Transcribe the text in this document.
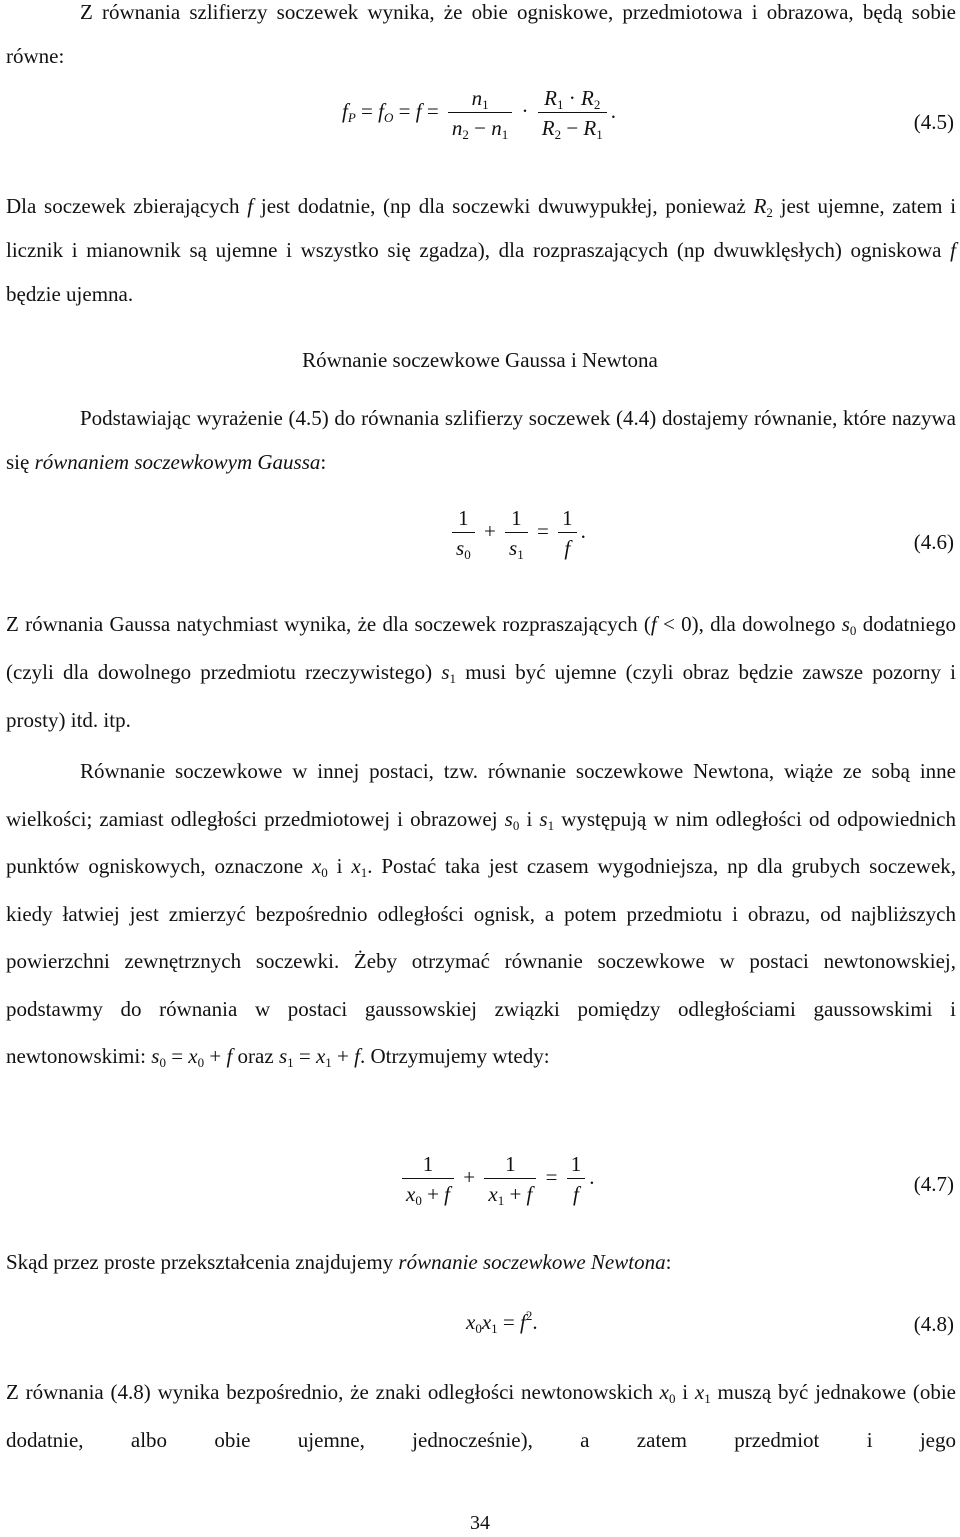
Z równania szlifierzy soczewek wynika, że obie ogniskowe, przedmiotowa i obrazowa, będą sobie równe:

$f_P = f_O = f = \frac{n_1}{n_2 - n_1} \cdot \frac{R_1 \cdot R_2}{R_2 - R_1}$ .	(4.5)

Dla soczewek zbierających f jest dodatnie, (np dla soczewki dwuwypukłej, ponieważ $R_2$ jest ujemne, zatem i licznik i mianownik są ujemne i wszystko się zgadza), dla rozpraszających (np dwuwklęsłych) ogniskowa f będzie ujemna.

Równanie soczewkowe Gaussa i Newtona

Podstawiając wyrażenie (4.5) do równania szlifierzy soczewek (4.4) dostajemy równanie, które nazywa się równaniem soczewkowym Gaussa:

$\frac{1}{s_0} + \frac{1}{s_1} = \frac{1}{f}$ .	(4.6)

Z równania Gaussa natychmiast wynika, że dla soczewek rozpraszających (f < 0), dla dowolnego $s_0$ dodatniego (czyli dla dowolnego przedmiotu rzeczywistego) $s_1$ musi być ujemne (czyli obraz będzie zawsze pozorny i prosty) itd. itp.

Równanie soczewkowe w innej postaci, tzw. równanie soczewkowe Newtona, wiąże ze sobą inne wielkości; zamiast odległości przedmiotowej i obrazowej $s_0$ i $s_1$ występują w nim odległości od odpowiednich punktów ogniskowych, oznaczone $x_0$ i $x_1$. Postać taka jest czasem wygodniejsza, np dla grubych soczewek, kiedy łatwiej jest zmierzyć bezpośrednio odległości ognisk, a potem przedmiotu i obrazu, od najbliższych powierzchni zewnętrznych soczewki. Żeby otrzymać równanie soczewkowe w postaci newtonowskiej, podstawmy do równania w postaci gaussowskiej związki pomiędzy odległościami gaussowskimi i newtonowskimi: $s_0 = x_0 + f$ oraz $s_1 = x_1 + f$. Otrzymujemy wtedy:

$\frac{1}{x_0 + f} + \frac{1}{x_1 + f} = \frac{1}{f}$ .	(4.7)

Skąd przez proste przekształcenia znajdujemy równanie soczewkowe Newtona:

$x_0x_1 = f^2$.	(4.8)

Z równania (4.8) wynika bezpośrednio, że znaki odległości newtonowskich $x_0$ i $x_1$ muszą być jednakowe (obie dodatnie, albo obie ujemne, jednocześnie), a zatem przedmiot i jego

34
